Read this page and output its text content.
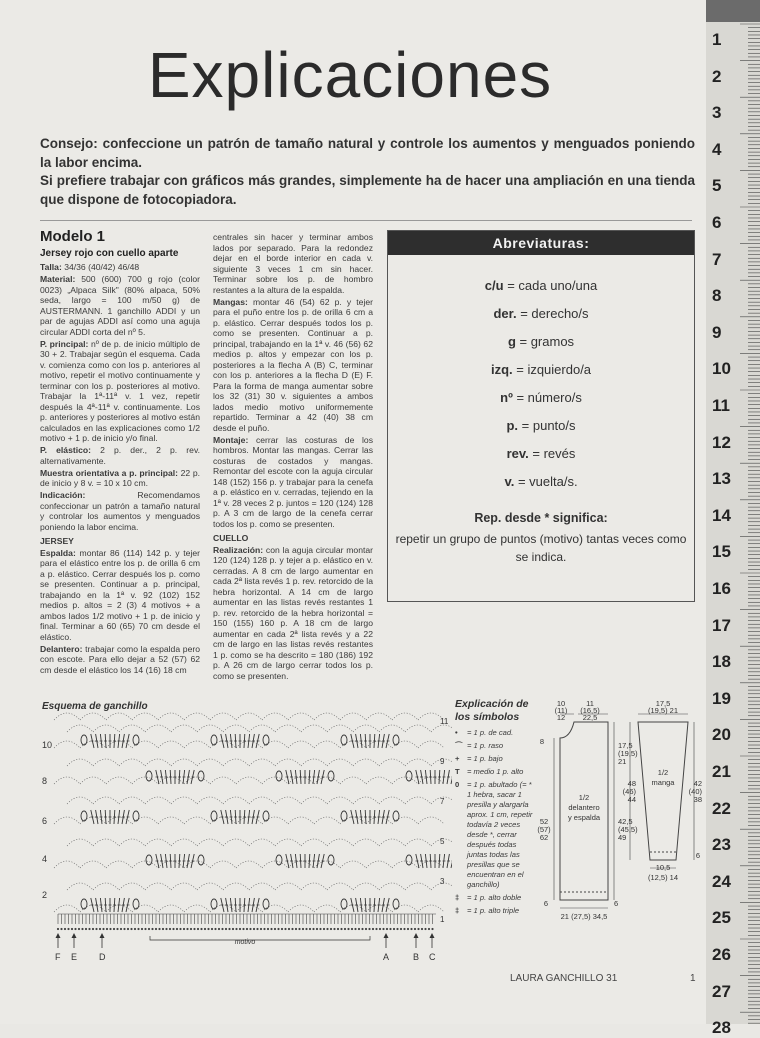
Explicaciones

Consejo: confeccione un patrón de tamaño natural y controle los aumentos y menguados poniendo la labor encima.

Si prefiere trabajar con gráficos más grandes, simplemente ha de hacer una ampliación en una tienda que dispone de fotocopiadora.

Modelo 1
Jersey rojo con cuello aparte

Talla: 34/36 (40/42) 46/48

Material: 500 (600) 700 g rojo (color 0023) „Alpaca Silk" (80% alpaca, 50% seda, largo = 100 m/50 g) de AUSTERMANN. 1 ganchillo ADDI y un par de agujas ADDI así como una aguja circular ADDI corta del nº 5.

P. principal: nº de p. de inicio múltiplo de 30 + 2. Trabajar según el esquema. Cada v. comienza como con los p. anteriores al motivo, repetir el motivo continuamente y terminar con los p. posteriores al motivo. Trabajar la 1ª-11ª v. 1 vez, repetir después la 4ª-11ª v. continuamente. Los p. anteriores y posteriores al motivo están calculados en las explicaciones como 1/2 motivo + 1 p. de inicio y/o final.

P. elástico: 2 p. der., 2 p. rev. alternativamente.

Muestra orientativa a p. principal: 22 p. de inicio y 8 v. = 10 x 10 cm.

Indicación: Recomendamos confeccionar un patrón a tamaño natural y controlar los aumentos y menguados poniendo la labor encima.

JERSEY

Espalda: montar 86 (114) 142 p. y tejer para el elástico entre los p. de orilla 6 cm a p. elástico. Cerrar después los p. como se presenten. Continuar a p. principal, trabajando en la 1ª v. 92 (102) 152 medios p. altos = 2 (3) 4 motivos + a ambos lados 1/2 motivo + 1 p. de inicio y final. Terminar a 60 (65) 70 cm desde el elástico.

Delantero: trabajar como la espalda pero con escote. Para ello dejar a 52 (57) 62 cm desde el elástico los 14 (16) 18 cm

centrales sin hacer y terminar ambos lados por separado. Para la redondez dejar en el borde interior en cada v. siguiente 3 veces 1 cm sin hacer. Terminar sobre los p. de hombro restantes a la altura de la espalda.

Mangas: montar 46 (54) 62 p. y tejer para el puño entre los p. de orilla 6 cm a p. elástico. Cerrar después todos los p. como se presenten. Continuar a p. principal, trabajando en la 1ª v. 46 (56) 62 medios p. altos y empezar con los p. posteriores a la flecha A (B) C, terminar con los p. anteriores a la flecha D (E) F. Para la forma de manga aumentar sobre los 32 (31) 30 v. siguientes a ambos lados medio motivo uniformemente repartido. Terminar a 42 (40) 38 cm desde el puño.

Montaje: cerrar las costuras de los hombros. Montar las mangas. Cerrar las costuras de costados y mangas. Remontar del escote con la aguja circular 148 (152) 156 p. y trabajar para la cenefa a p. elástico en v. cerradas, tejiendo en la 1ª v. 28 veces 2 p. juntos = 120 (124) 128 p. A 3 cm de largo de la cenefa cerrar todos los p. como se presenten.

CUELLO

Realización: con la aguja circular montar 120 (124) 128 p. y tejer a p. elástico en v. cerradas. A 8 cm de largo aumentar en cada 2ª lista revés 1 p. rev. retorcido de la hebra horizontal. A 14 cm de largo aumentar en las listas revés restantes 1 p. rev. retorcido de la hebra horizontal = 150 (155) 160 p. A 18 cm de largo aumentar en cada 2ª lista revés y a 22 cm de largo en las listas revés restantes 1 p. como se ha descrito = 180 (186) 192 p. A 26 cm de largo cerrar todos los p. como se presenten.

Abreviaturas:
c/u = cada uno/una
der. = derecho/s
g = gramos
izq. = izquierdo/a
nº = número/s
p. = punto/s
rev. = revés
v. = vuelta/s.
Rep. desde * significa:
repetir un grupo de puntos (motivo) tantas veces como se indica.
Esquema de ganchillo
10
8
6
4
2
11
9
7
5
3
1
F E D	A	B C
motivo
Explicación de
los símbolos
•	= 1 p. de cad.
⌒ = 1 p. raso
+ = 1 p. bajo
T = medio 1 p. alto
0	= 1 p. abultado (= * 1 hebra, sacar 1 presilla y alargarla aprox. 1 cm, repetir todavía 2 veces desde *, cerrar después todas juntas todas las presillas que se encuentran en el ganchillo)
‡	= 1 p. alto doble
‡	= 1 p. alto triple
10	11
(11) (16,5)
12 22,5
8	17,5
(19,5)
21
1/2
delantero
y espalda 42,5
(45,5)
49
52
(57)
62
6	6
21 (27,5) 34,5
17,5
(19,5) 21
1/2
manga
48
(46)
44
42
(40)
38
6
10,5
(12,5) 14
LAURA GANCHILLO 31	1
1
2
3
4
5
6
7
8
9
10
11
12
13
14
15
16
17
18
19
20
21
22
23
24
25
26
27
28
